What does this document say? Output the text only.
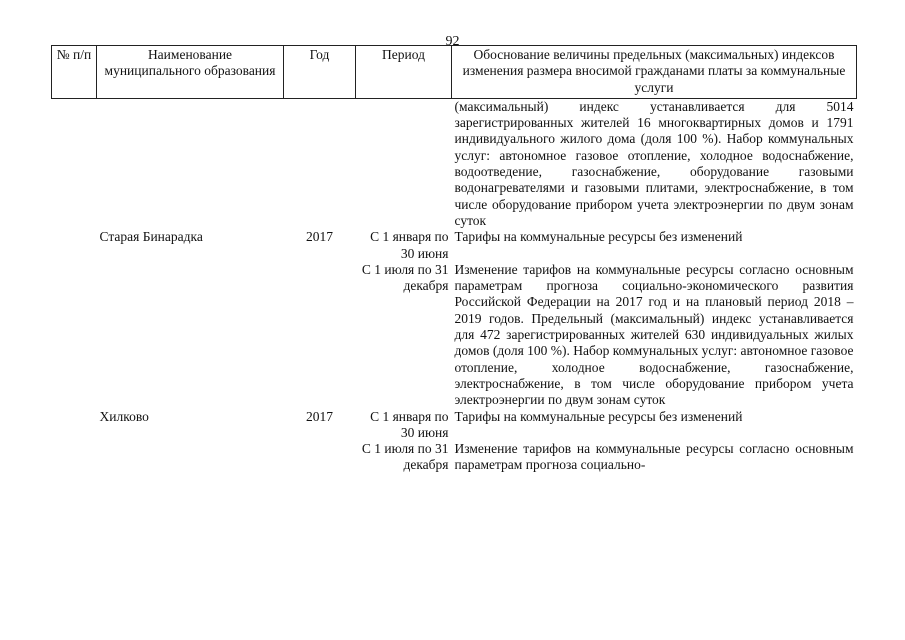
92
№ п/п	Наименование муниципального образования	Год	Период	Обоснование величины предельных (максимальных) индексов изменения размера вносимой гражданами платы за коммунальные услуги
				(максимальный) индекс устанавливается для 5014 зарегистрированных жителей 16 многоквартирных домов и 1791 индивидуального жилого дома (доля 100 %). Набор коммунальных услуг: автономное газовое отопление, холодное водоснабжение, водоотведение, газоснабжение, оборудование газовыми водонагревателями и газовыми плитами, электроснабжение, в том числе оборудование прибором учета электроэнергии по двум зонам суток
	Старая Бинарадка	2017	С 1 января по 30 июня	Тарифы на коммунальные ресурсы без изменений
			С 1 июля по 31 декабря	Изменение тарифов на коммунальные ресурсы согласно основным параметрам прогноза социально-экономического развития Российской Федерации на 2017 год и на плановый период 2018 – 2019 годов. Предельный (максимальный) индекс устанавливается для 472 зарегистрированных жителей 630 индивидуальных жилых домов (доля 100 %). Набор коммунальных услуг: автономное газовое отопление, холодное водоснабжение, газоснабжение, электроснабжение, в том числе оборудование прибором учета электроэнергии по двум зонам суток
	Хилково	2017	С 1 января по 30 июня	Тарифы на коммунальные ресурсы без изменений
			С 1 июля по 31 декабря	Изменение тарифов на коммунальные ресурсы согласно основным параметрам прогноза социально-
